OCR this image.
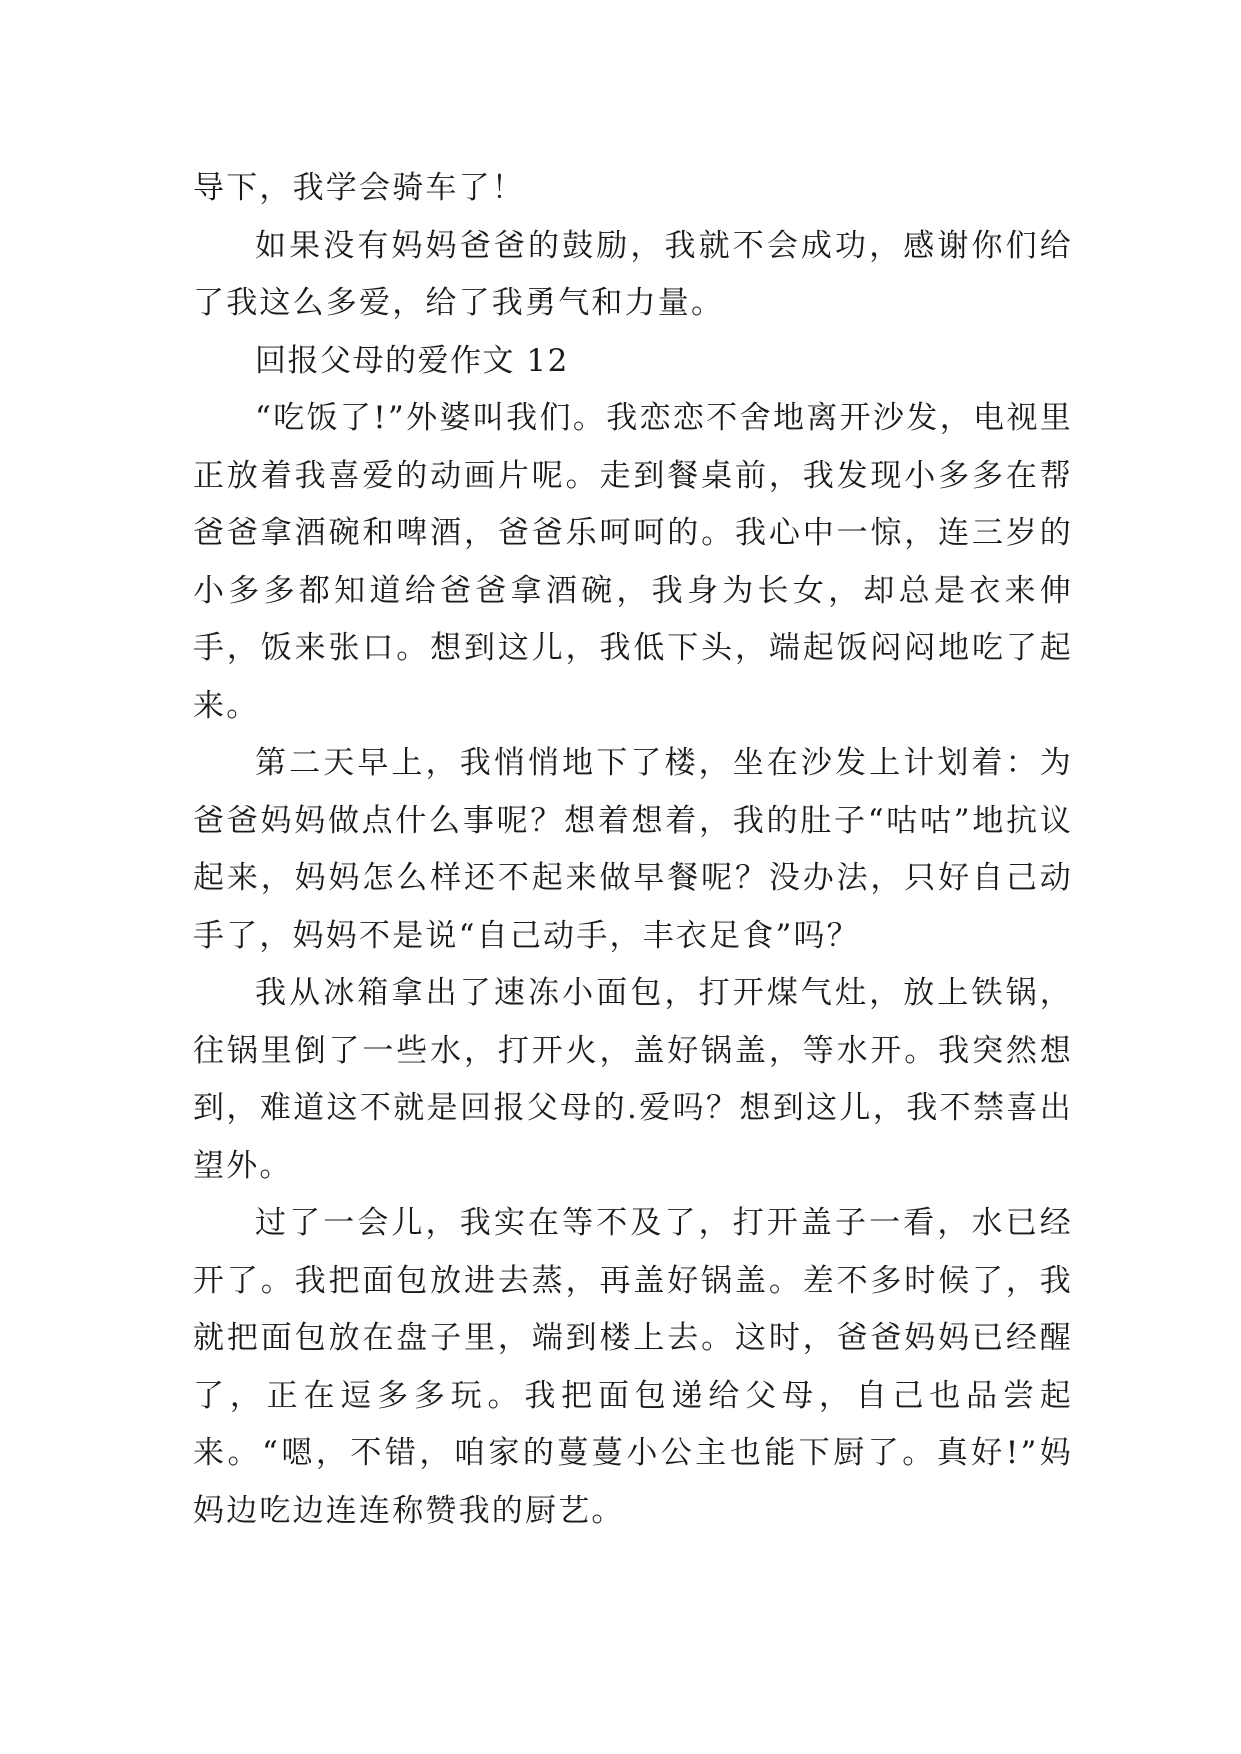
导下，我学会骑车了！

如果没有妈妈爸爸的鼓励，我就不会成功，感谢你们给了我这么多爱，给了我勇气和力量。

回报父母的爱作文 12

“吃饭了!”外婆叫我们。我恋恋不舍地离开沙发，电视里正放着我喜爱的动画片呢。走到餐桌前，我发现小多多在帮爸爸拿酒碗和啤酒，爸爸乐呵呵的。我心中一惊，连三岁的小多多都知道给爸爸拿酒碗，我身为长女，却总是衣来伸手，饭来张口。想到这儿，我低下头，端起饭闷闷地吃了起来。

第二天早上，我悄悄地下了楼，坐在沙发上计划着：为爸爸妈妈做点什么事呢？想着想着，我的肚子“咕咕”地抗议起来，妈妈怎么样还不起来做早餐呢？没办法，只好自己动手了，妈妈不是说“自己动手，丰衣足食”吗？

我从冰箱拿出了速冻小面包，打开煤气灶，放上铁锅，往锅里倒了一些水，打开火，盖好锅盖，等水开。我突然想到，难道这不就是回报父母的.爱吗？想到这儿，我不禁喜出望外。

过了一会儿，我实在等不及了，打开盖子一看，水已经开了。我把面包放进去蒸，再盖好锅盖。差不多时候了，我就把面包放在盘子里，端到楼上去。这时，爸爸妈妈已经醒了，正在逗多多玩。我把面包递给父母，自己也品尝起来。“嗯，不错，咱家的蔓蔓小公主也能下厨了。真好!”妈妈边吃边连连称赞我的厨艺。
